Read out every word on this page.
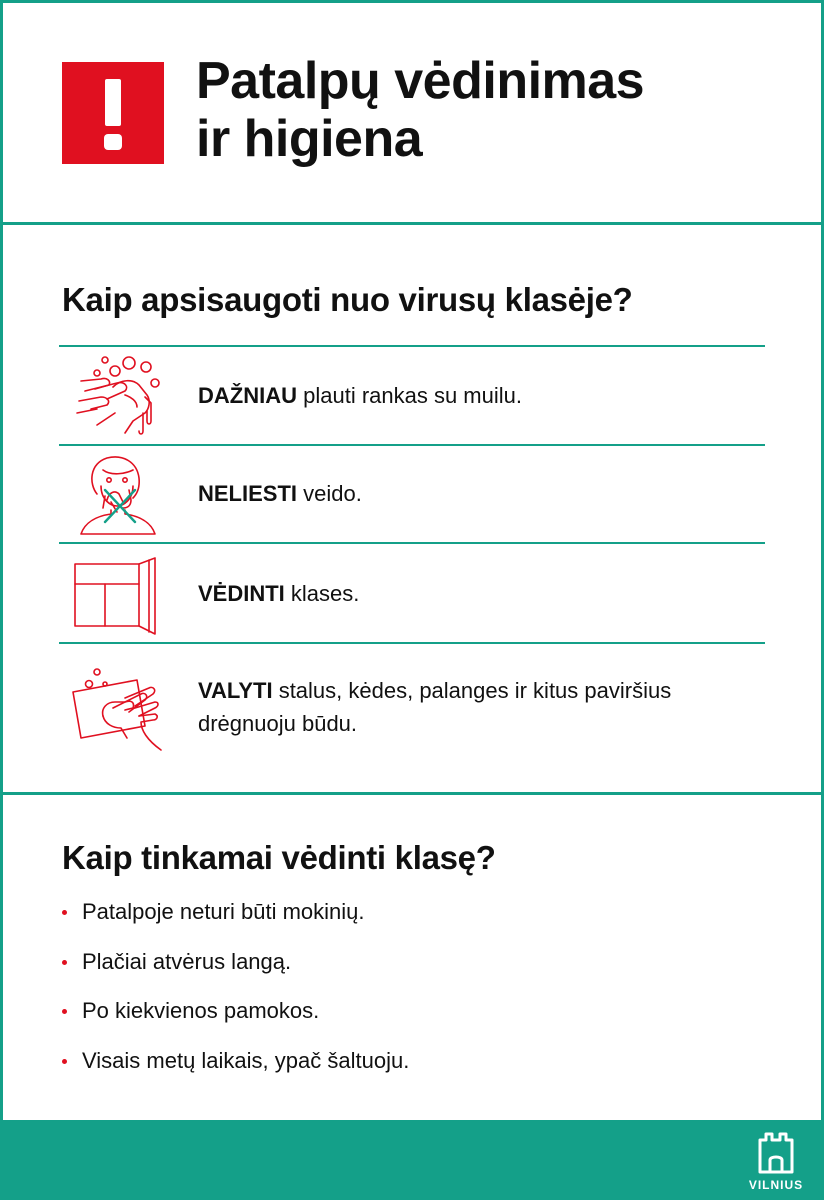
Patalpų vėdinimas
ir higiena
Kaip apsisaugoti nuo virusų klasėje?
DAŽNIAU plauti rankas su muilu.
NELIESTI veido.
VĖDINTI klases.
VALYTI stalus, kėdes, palanges ir kitus paviršius drėgnuoju būdu.
Kaip tinkamai vėdinti klasę?
Patalpoje neturi būti mokinių.
Plačiai atvėrus langą.
Po kiekvienos pamokos.
Visais metų laikais, ypač šaltuoju.
VILNIUS
